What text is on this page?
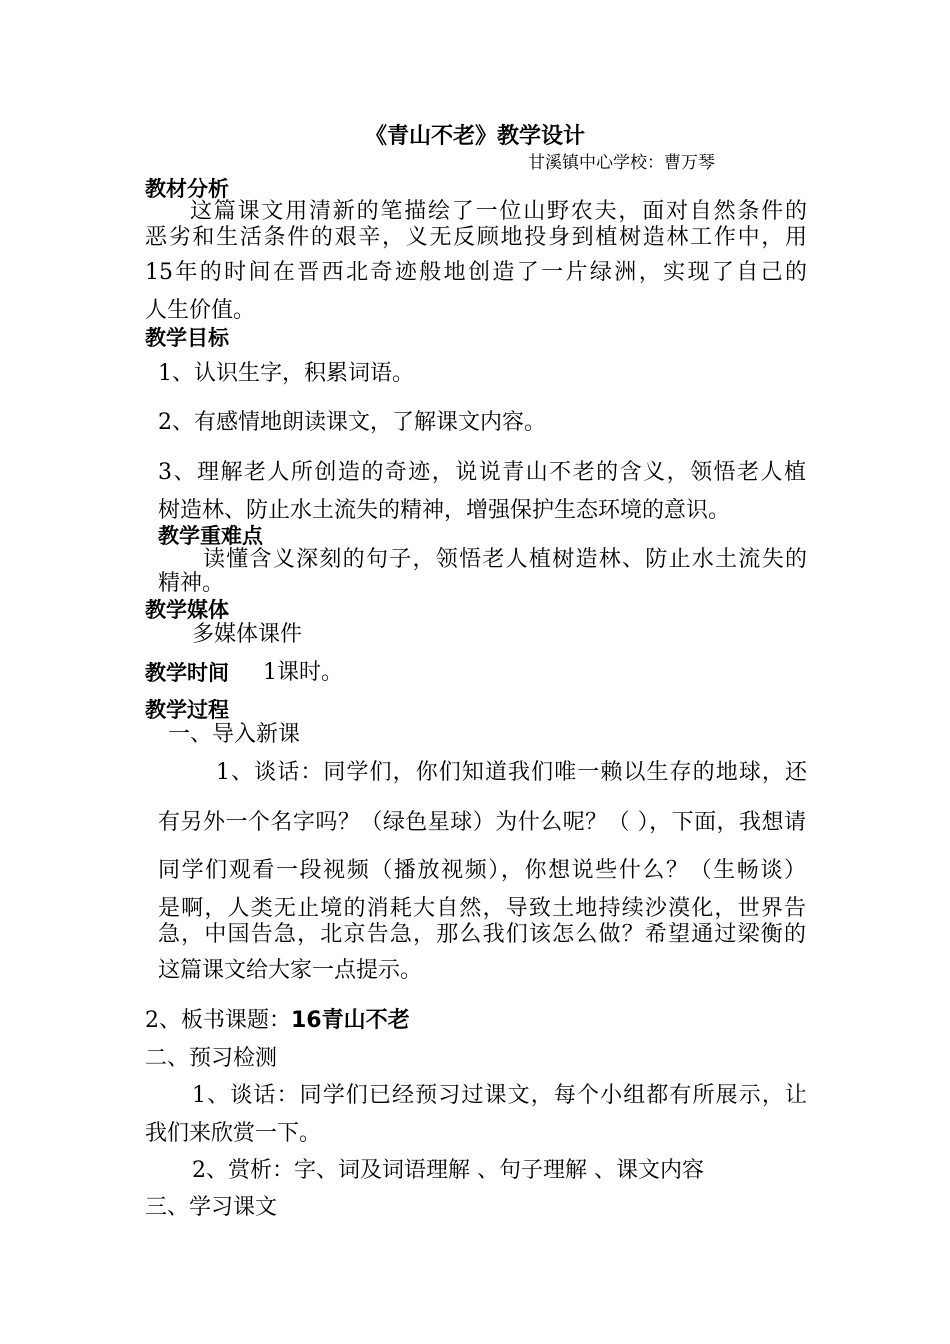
《青山不老》教学设计
甘溪镇中心学校：曹万琴
教材分析
这篇课文用清新的笔描绘了一位山野农夫，面对自然条件的
恶劣和生活条件的艰辛，义无反顾地投身到植树造林工作中，用
15年的时间在晋西北奇迹般地创造了一片绿洲，实现了自己的
人生价值。
教学目标
1、认识生字，积累词语。
2、有感情地朗读课文，了解课文内容。
3、理解老人所创造的奇迹，说说青山不老的含义，领悟老人植
树造林、防止水土流失的精神，增强保护生态环境的意识。
教学重难点
读懂含义深刻的句子，领悟老人植树造林、防止水土流失的
精神。
教学媒体
多媒体课件
教学时间 1课时。
教学过程
一、导入新课
1、谈话：同学们，你们知道我们唯一赖以生存的地球，还
有另外一个名字吗？（绿色星球）为什么呢？（ ），下面，我想请
同学们观看一段视频（播放视频），你想说些什么？（生畅谈）
是啊，人类无止境的消耗大自然，导致土地持续沙漠化，世界告
急，中国告急，北京告急，那么我们该怎么做？希望通过梁衡的
这篇课文给大家一点提示。
2、板书课题：16青山不老
二、预习检测
1、谈话：同学们已经预习过课文，每个小组都有所展示，让
我们来欣赏一下。
2、赏析：字、词及词语理解 、句子理解 、课文内容
三、学习课文
